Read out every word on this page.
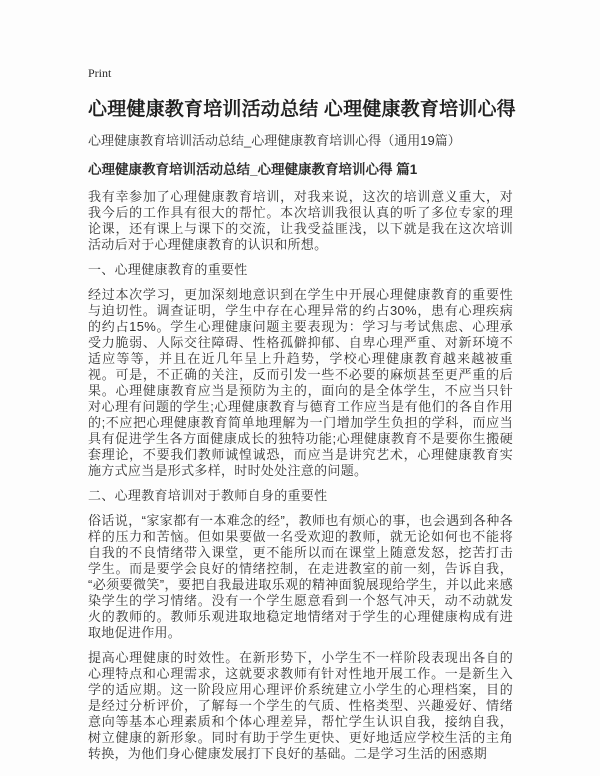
Print
心理健康教育培训活动总结 心理健康教育培训心得

心理健康教育培训活动总结_心理健康教育培训心得（通用19篇）

心理健康教育培训活动总结_心理健康教育培训心得 篇1

我有幸参加了心理健康教育培训，对我来说，这次的培训意义重大，对我今后的工作具有很大的帮忙。本次培训我很认真的听了多位专家的理论课，还有课上与课下的交流，让我受益匪浅，以下就是我在这次培训活动后对于心理健康教育的认识和所想。

一、心理健康教育的重要性

经过本次学习，更加深刻地意识到在学生中开展心理健康教育的重要性与迫切性。调查证明，学生中存在心理异常的约占30%，患有心理疾病的约占15%。学生心理健康问题主要表现为：学习与考试焦虑、心理承受力脆弱、人际交往障碍、性格孤僻抑郁、自卑心理严重、对新环境不适应等等，并且在近几年呈上升趋势，学校心理健康教育越来越被重视。可是，不正确的关注，反而引发一些不必要的麻烦甚至更严重的后果。心理健康教育应当是预防为主的，面向的是全体学生，不应当只针对心理有问题的学生;心理健康教育与德育工作应当是有他们的各自作用的;不应把心理健康教育简单地理解为一门增加学生负担的学科，而应当具有促进学生各方面健康成长的独特功能;心理健康教育不是要你生搬硬套理论，不要我们教师诚惶诚恐，而应当是讲究艺术，心理健康教育实施方式应当是形式多样，时时处处注意的问题。

二、心理教育培训对于教师自身的重要性

俗话说，“家家都有一本难念的经”，教师也有烦心的事，也会遇到各种各样的压力和苦恼。但如果要做一名受欢迎的教师，就无论如何也不能将自我的不良情绪带入课堂，更不能所以而在课堂上随意发怒，挖苦打击学生。而是要学会良好的情绪控制，在走进教室的前一刻，告诉自我，“必须要微笑”，要把自我最进取乐观的精神面貌展现给学生，并以此来感染学生的学习情绪。没有一个学生愿意看到一个怒气冲天，动不动就发火的教师的。教师乐观进取地稳定地情绪对于学生的心理健康构成有进取地促进作用。

提高心理健康的时效性。在新形势下，小学生不一样阶段表现出各自的心理特点和心理需求，这就要求教师有针对性地开展工作。一是新生入学的适应期。这一阶段应用心理评价系统建立小学生的心理档案，目的是经过分析评价，了解每一个学生的气质、性格类型、兴趣爱好、情绪意向等基本心理素质和个体心理差异，帮忙学生认识自我，接纳自我，树立健康的新形象。同时有助于学生更快、更好地适应学校生活的主角转换，为他们身心健康发展打下良好的基础。二是学习生活的困惑期
